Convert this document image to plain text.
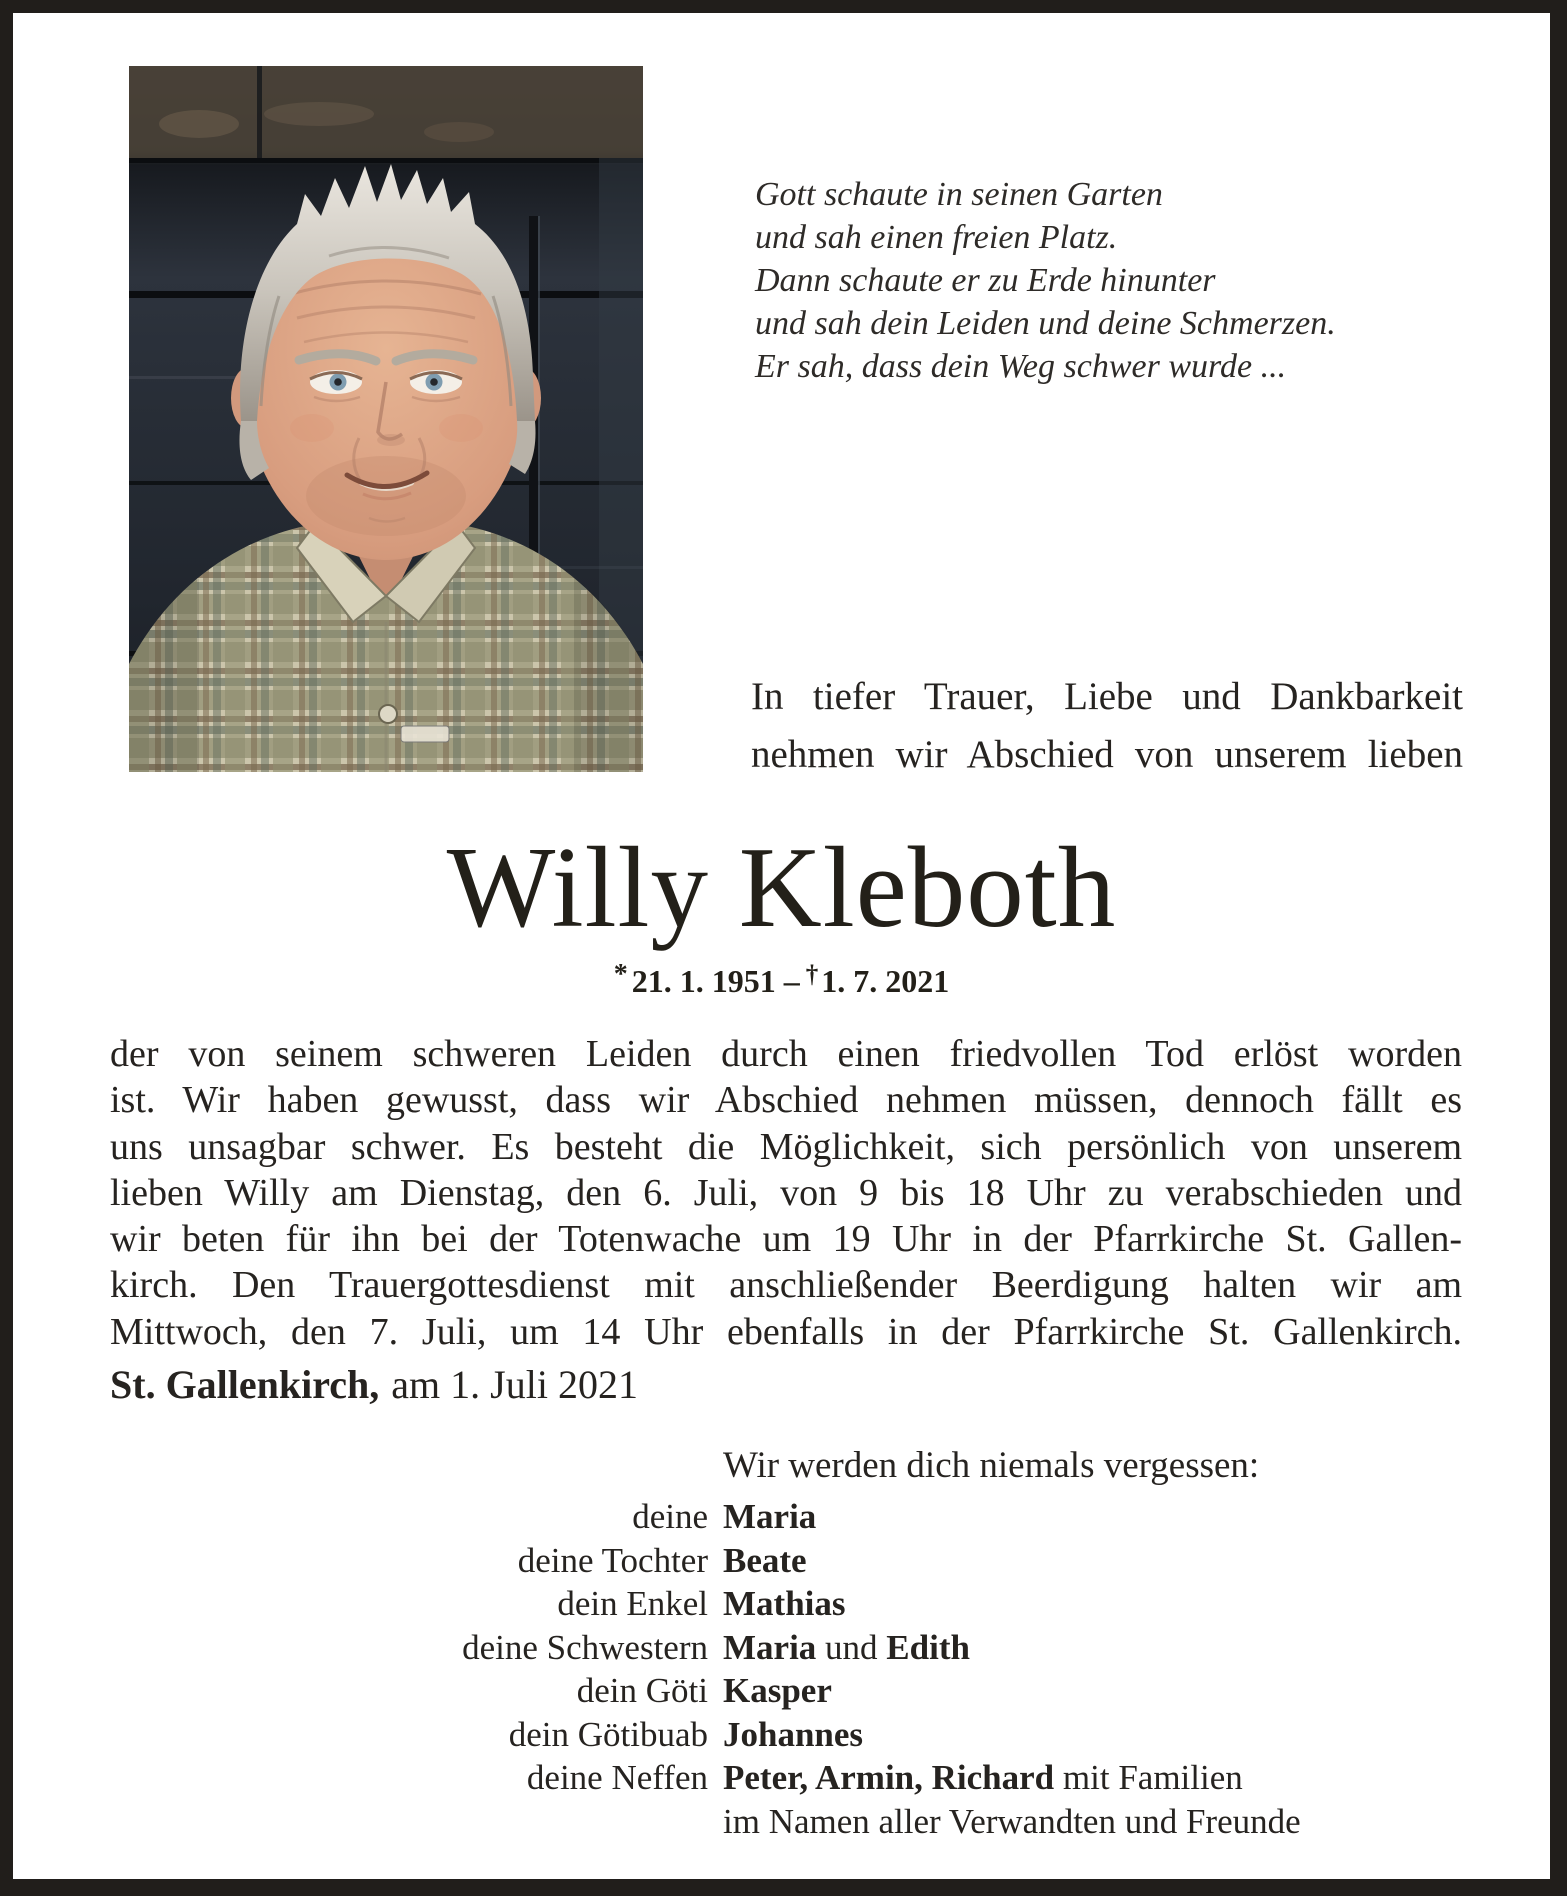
Gott schaute in seinen Garten
und sah einen freien Platz.
Dann schaute er zu Erde hinunter
und sah dein Leiden und deine Schmerzen.
Er sah, dass dein Weg schwer wurde ...
In tiefer Trauer, Liebe und Dankbarkeit
nehmen wir Abschied von unserem lieben
Willy Kleboth
* 21. 1. 1951 – †1. 7. 2021
der von seinem schweren Leiden durch einen friedvollen Tod erlöst worden
ist. Wir haben gewusst, dass wir Abschied nehmen müssen, dennoch fällt es
uns unsagbar schwer. Es besteht die Möglichkeit, sich persönlich von unserem
lieben Willy am Dienstag, den 6. Juli, von 9 bis 18 Uhr zu verabschieden und
wir beten für ihn bei der Totenwache um 19 Uhr in der Pfarrkirche St. Gallen-
kirch. Den Trauergottesdienst mit anschließender Beerdigung halten wir am
Mittwoch, den 7. Juli, um 14 Uhr ebenfalls in der Pfarrkirche St. Gallenkirch.
St. Gallenkirch, am 1. Juli 2021
Wir werden dich niemals vergessen:
deine Maria
deine Tochter Beate
dein Enkel Mathias
deine Schwestern Maria und Edith
dein Göti Kasper
dein Götibuab Johannes
deine Neffen Peter, Armin, Richard mit Familien
im Namen aller Verwandten und Freunde
